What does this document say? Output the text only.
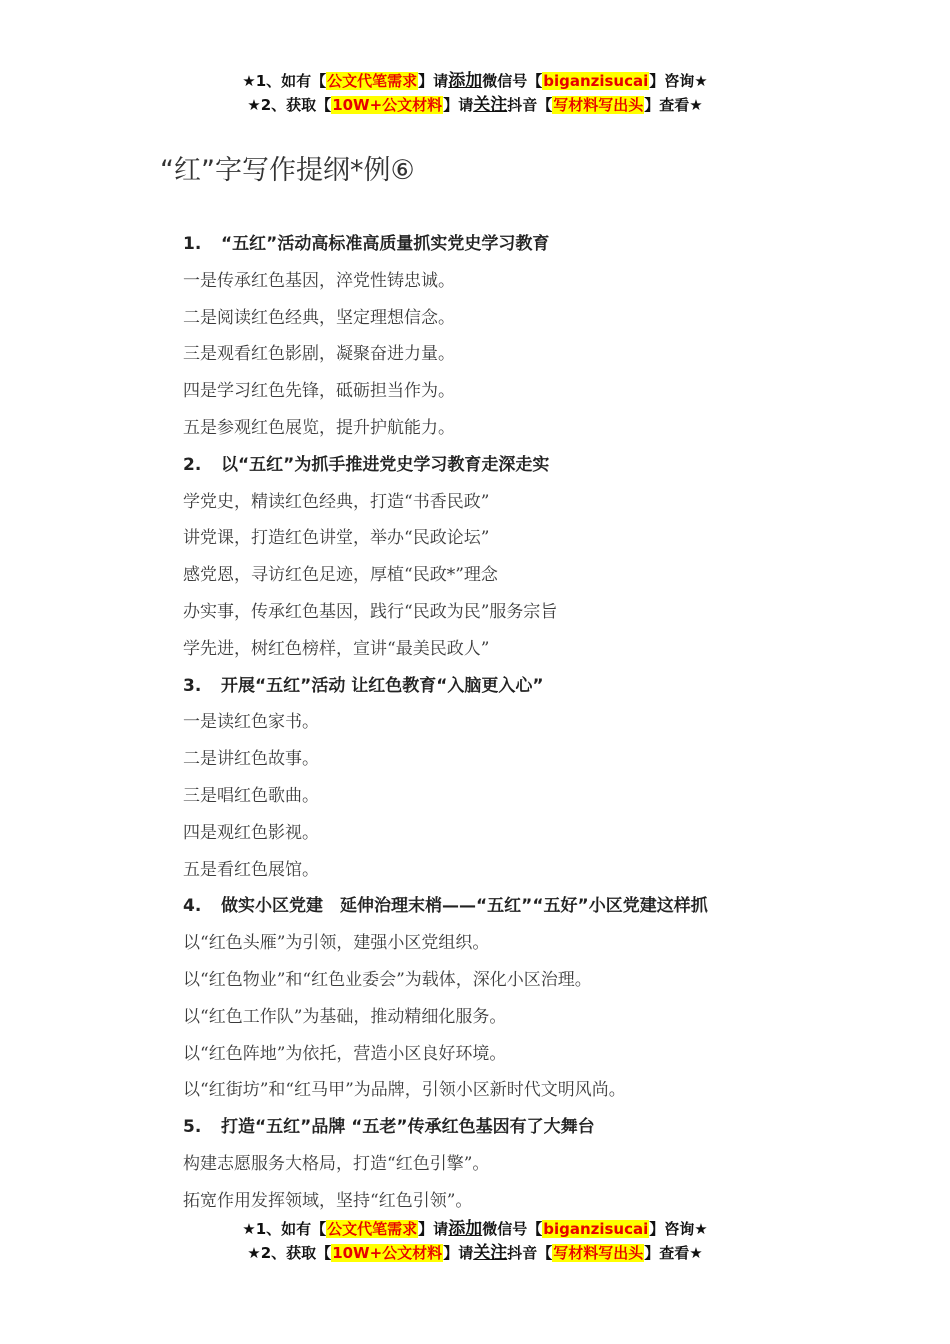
★1、如有【公文代笔需求】请添加微信号【biganzisucai】咨询★
★2、获取【10W+公文材料】请关注抖音【写材料写出头】查看★
“红”字写作提纲*例⑥
1. “五红”活动高标准高质量抓实党史学习教育
一是传承红色基因，淬党性铸忠诚。
二是阅读红色经典，坚定理想信念。
三是观看红色影剧，凝聚奋进力量。
四是学习红色先锋，砥砺担当作为。
五是参观红色展览，提升护航能力。
2. 以“五红”为抓手推进党史学习教育走深走实
学党史，精读红色经典，打造“书香民政”
讲党课，打造红色讲堂，举办“民政论坛”
感党恩，寻访红色足迹，厚植“民政*”理念
办实事，传承红色基因，践行“民政为民”服务宗旨
学先进，树红色榜样，宣讲“最美民政人”
3. 开展“五红”活动 让红色教育“入脑更入心”
一是读红色家书。
二是讲红色故事。
三是唱红色歌曲。
四是观红色影视。
五是看红色展馆。
4. 做实小区党建　延伸治理末梢——“五红”“五好”小区党建这样抓
以“红色头雁”为引领，建强小区党组织。
以“红色物业”和“红色业委会”为载体，深化小区治理。
以“红色工作队”为基础，推动精细化服务。
以“红色阵地”为依托，营造小区良好环境。
以“红街坊”和“红马甲”为品牌，引领小区新时代文明风尚。
5. 打造“五红”品牌 “五老”传承红色基因有了大舞台
构建志愿服务大格局，打造“红色引擎”。
拓宽作用发挥领域，坚持“红色引领”。
★1、如有【公文代笔需求】请添加微信号【biganzisucai】咨询★
★2、获取【10W+公文材料】请关注抖音【写材料写出头】查看★
